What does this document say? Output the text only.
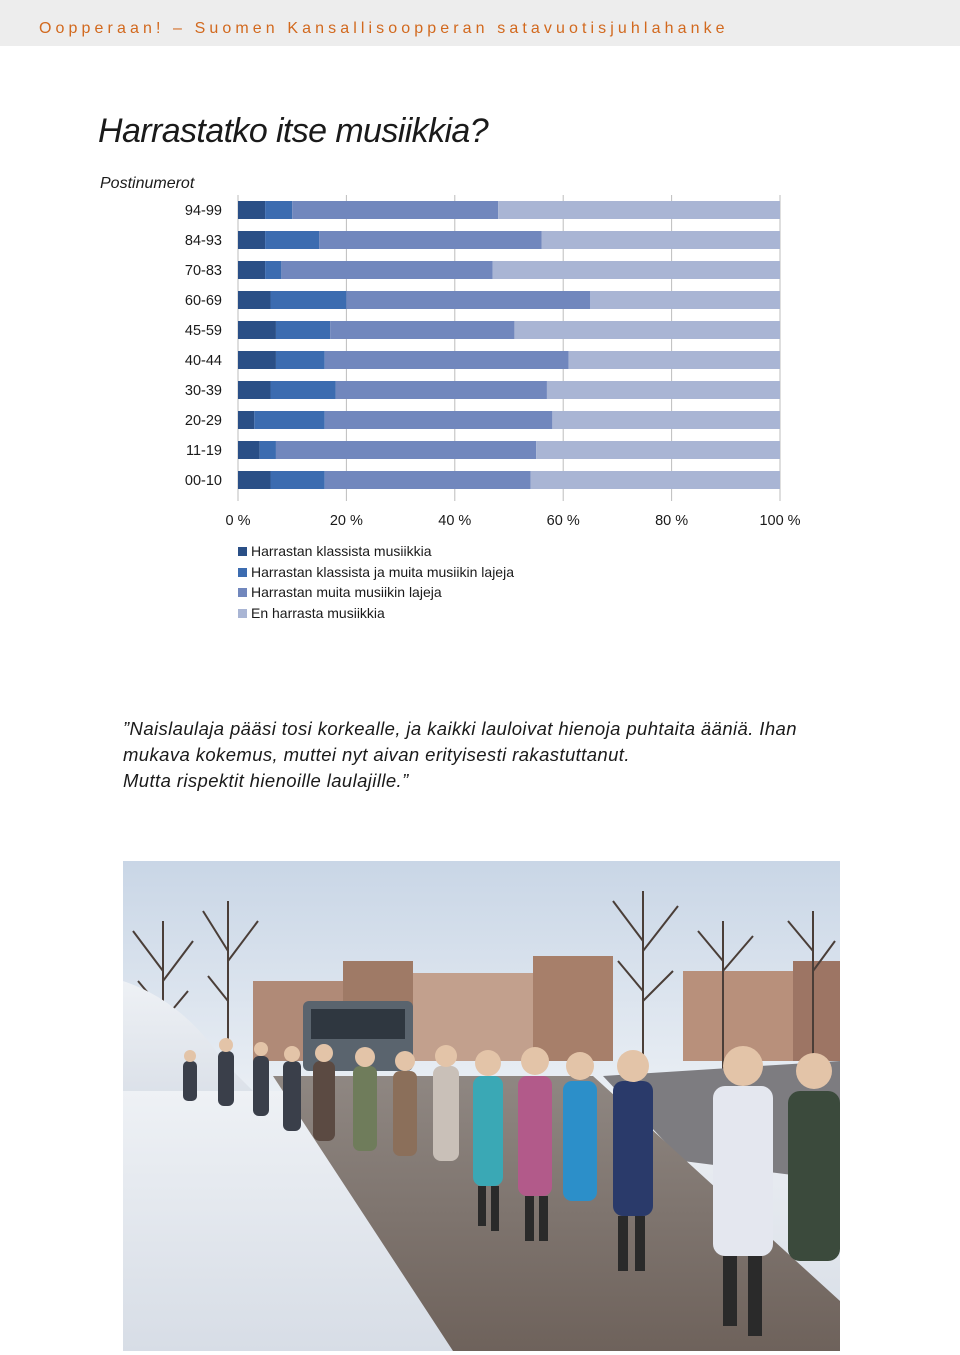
Oopperaan! – Suomen Kansallisoopperan satavuotisjuhlahanke
Harrastatko itse musiikkia?
Postinumerot
94-99
84-93
70-83
60-69
45-59
40-44
30-39
20-29
11-19
00-10
0 %	20 %	40 %	60 %	80 %	100 %
Harrastan klassista musiikkia
Harrastan klassista ja muita musiikin lajeja
Harrastan muita musiikin lajeja
En harrasta musiikkia
”Naislaulaja pääsi tosi korkealle, ja kaikki lauloivat hienoja puhtaita ääniä. Ihan
mukava kokemus, muttei nyt aivan erityisesti rakastuttanut.
Mutta rispektit hienoille laulajille.”
